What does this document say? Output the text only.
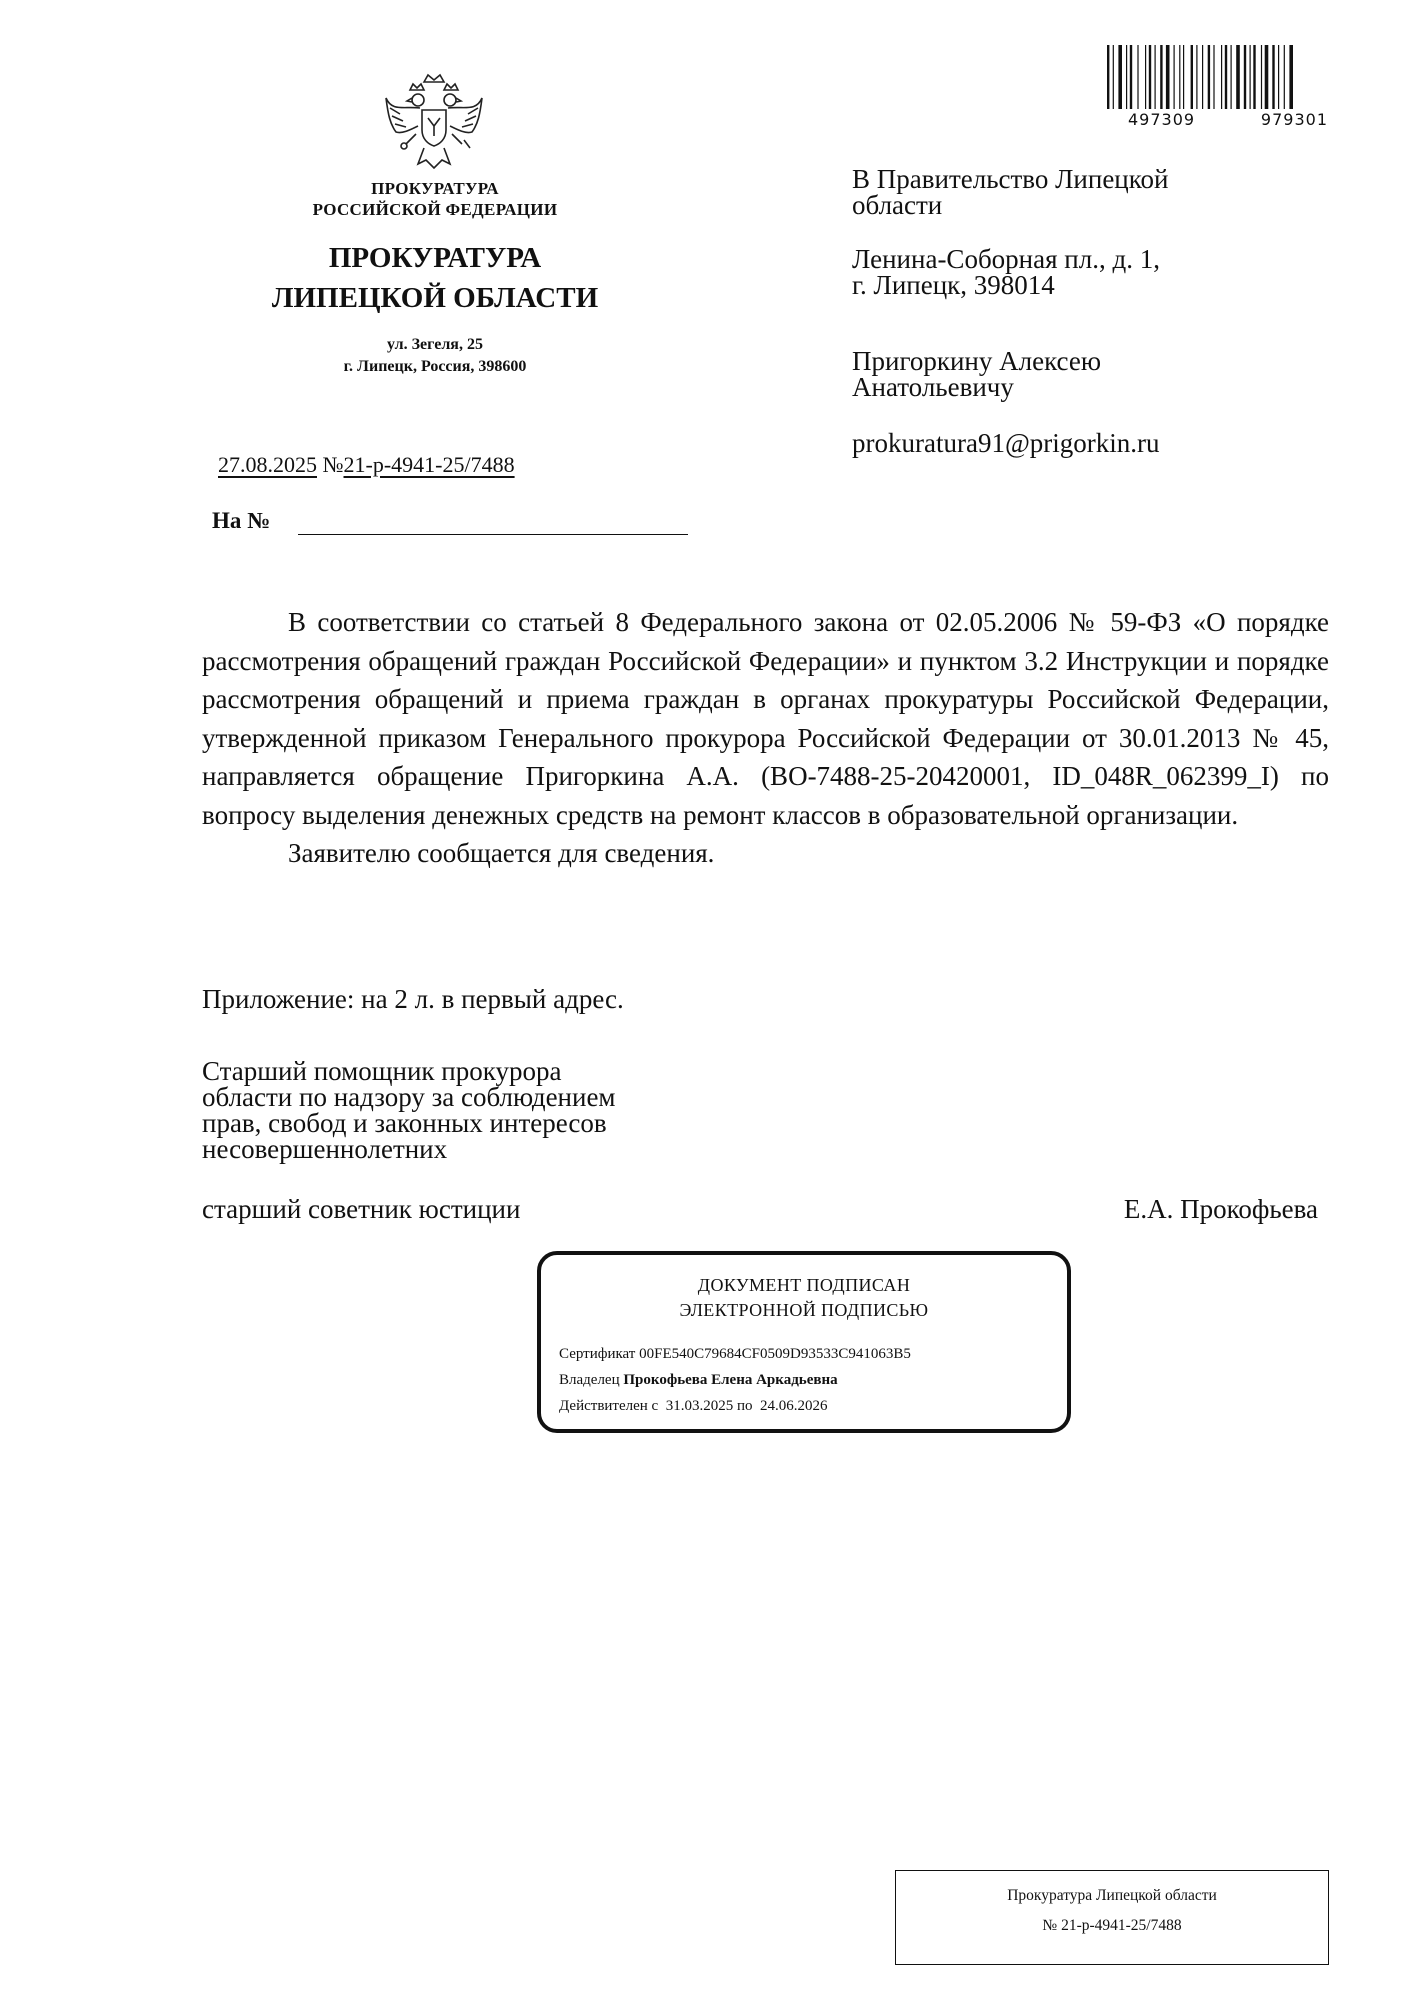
ПРОКУРАТУРА
РОССИЙСКОЙ ФЕДЕРАЦИИ
ПРОКУРАТУРА
ЛИПЕЦКОЙ ОБЛАСТИ
ул. Зегеля, 25
г. Липецк, Россия, 398600
27.08.2025 №21-р-4941-25/7488
На №
497309	979301
В Правительство Липецкой
области
Ленина-Соборная пл., д. 1,
г. Липецк, 398014
Пригоркину Алексею
Анатольевичу
prokuratura91@prigorkin.ru

В соответствии со статьей 8 Федерального закона от 02.05.2006 № 59-ФЗ «О порядке рассмотрения обращений граждан Российской Федерации» и пунктом 3.2 Инструкции и порядке рассмотрения обращений и приема граждан в органах прокуратуры Российской Федерации, утвержденной приказом Генерального прокурора Российской Федерации от 30.01.2013 № 45, направляется обращение Пригоркина А.А. (ВО-7488-25-20420001, ID_048R_062399_I) по вопросу выделения денежных средств на ремонт классов в образовательной организации.

Заявителю сообщается для сведения.

Приложение: на 2 л. в первый адрес.
Старший помощник прокурора
области по надзору за соблюдением
прав, свобод и законных интересов
несовершеннолетних
старший советник юстиции	Е.А. Прокофьева
ДОКУМЕНТ ПОДПИСАН
ЭЛЕКТРОННОЙ ПОДПИСЬЮ
Сертификат 00FE540C79684CF0509D93533C941063B5
Владелец Прокофьева Елена Аркадьевна
Действителен с 31.03.2025 по 24.06.2026
Прокуратура Липецкой области
№ 21-р-4941-25/7488
